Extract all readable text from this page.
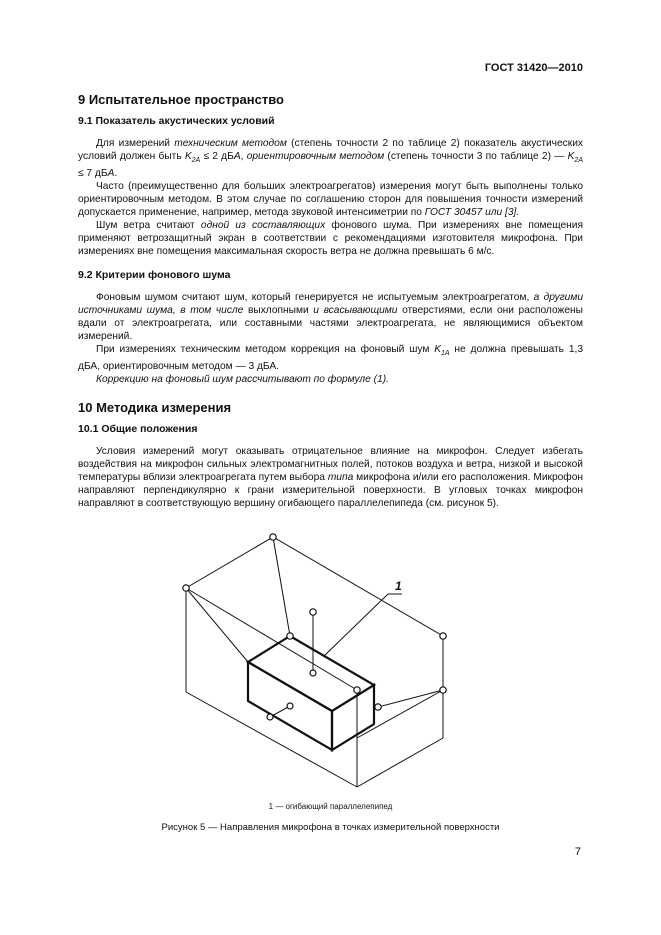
ГОСТ 31420—2010
9 Испытательное пространство
9.1 Показатель акустических условий

Для измерений техническим методом (степень точности 2 по таблице 2) показатель акустических условий должен быть $K_{2A} \le 2$ дБА, ориентировочным методом (степень точности 3 по таблице 2) — $K_{2A} \le 7$ дБА.

Часто (преимущественно для больших электроагрегатов) измерения могут быть выполнены только ориентировочным методом. В этом случае по соглашению сторон для повышения точности измерений допускается применение, например, метода звуковой интенсиметрии по ГОСТ 30457 или [3].

Шум ветра считают одной из составляющих фонового шума. При измерениях вне помещения применяют ветрозащитный экран в соответствии с рекомендациями изготовителя микрофона. При измерениях вне помещения максимальная скорость ветра не должна превышать 6 м/с.

9.2 Критерии фонового шума

Фоновым шумом считают шум, который генерируется не испытуемым электроагрегатом, а другими источниками шума, в том числе выхлопными и всасывающими отверстиями, если они расположены вдали от электроагрегата, или составными частями электроагрегата, не являющимися объектом измерений.

При измерениях техническим методом коррекция на фоновый шум $K_{1A}$ не должна превышать 1,3 дБА, ориентировочным методом — 3 дБА.

Коррекцию на фоновый шум рассчитывают по формуле (1).

10 Методика измерения
10.1 Общие положения

Условия измерений могут оказывать отрицательное влияние на микрофон. Следует избегать воздействия на микрофон сильных электромагнитных полей, потоков воздуха и ветра, низкой и высокой температуры вблизи электроагрегата путем выбора типа микрофона и/или его расположения. Микрофон направляют перпендикулярно к грани измерительной поверхности. В угловых точках микрофон направляют в соответствующую вершину огибающего параллелепипеда (см. рисунок 5).

1
1 — огибающий параллелепипед
Рисунок 5 — Направления микрофона в точках измерительной поверхности
7
